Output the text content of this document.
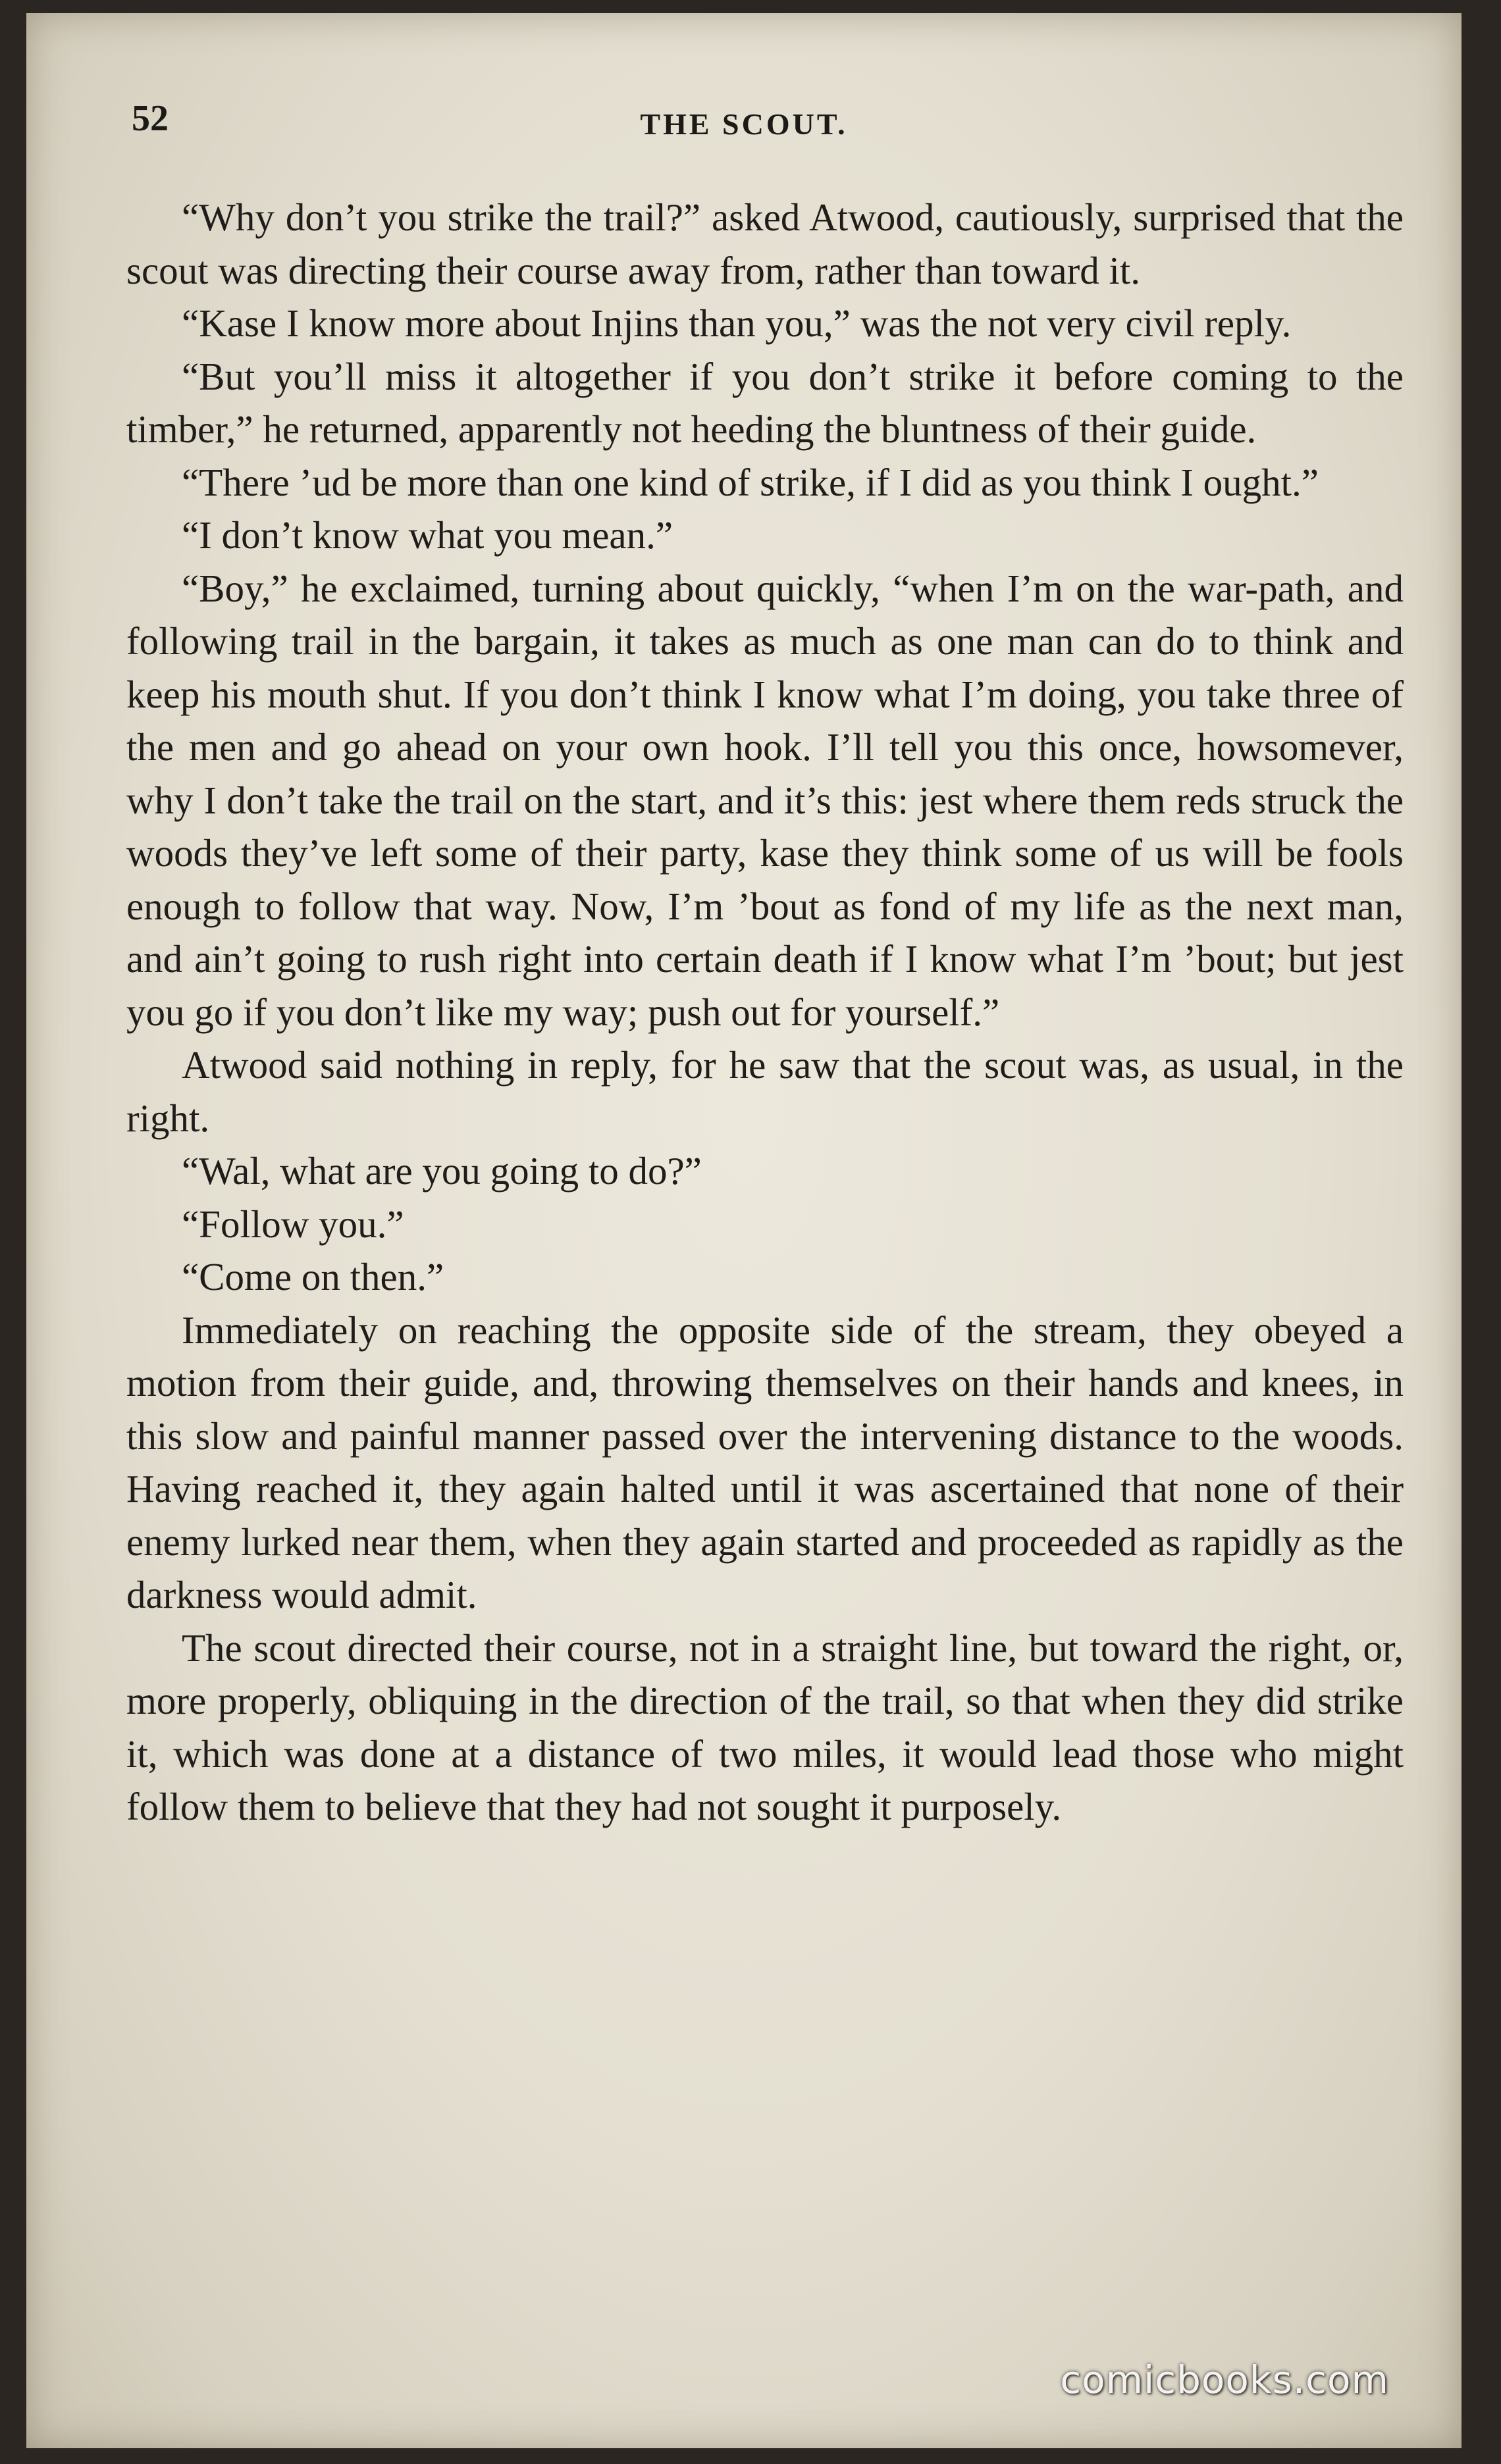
52	THE SCOUT.

“Why don’t you strike the trail?” asked Atwood, cautiously, surprised that the scout was directing their course away from, rather than toward it.

“Kase I know more about Injins than you,” was the not very civil reply.

“But you’ll miss it altogether if you don’t strike it before coming to the timber,” he returned, apparently not heeding the bluntness of their guide.

“There ’ud be more than one kind of strike, if I did as you think I ought.”

“I don’t know what you mean.”

“Boy,” he exclaimed, turning about quickly, “when I’m on the war-path, and following trail in the bargain, it takes as much as one man can do to think and keep his mouth shut. If you don’t think I know what I’m doing, you take three of the men and go ahead on your own hook. I’ll tell you this once, howsomever, why I don’t take the trail on the start, and it’s this: jest where them reds struck the woods they’ve left some of their party, kase they think some of us will be fools enough to follow that way. Now, I’m ’bout as fond of my life as the next man, and ain’t going to rush right into certain death if I know what I’m ’bout; but jest you go if you don’t like my way; push out for yourself.”

Atwood said nothing in reply, for he saw that the scout was, as usual, in the right.

“Wal, what are you going to do?”

“Follow you.”

“Come on then.”

Immediately on reaching the opposite side of the stream, they obeyed a motion from their guide, and, throwing themselves on their hands and knees, in this slow and painful manner passed over the intervening distance to the woods. Having reached it, they again halted until it was ascertained that none of their enemy lurked near them, when they again started and proceeded as rapidly as the darkness would admit.

The scout directed their course, not in a straight line, but toward the right, or, more properly, obliquing in the direction of the trail, so that when they did strike it, which was done at a distance of two miles, it would lead those who might follow them to believe that they had not sought it purposely.

comicbooks.com
